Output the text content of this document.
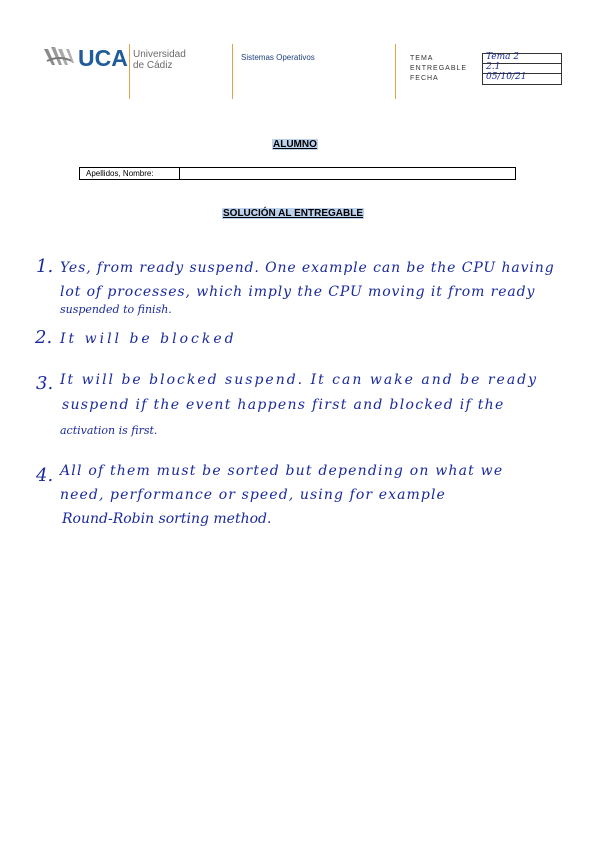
UCA Universidad
de Cádiz
Sistemas Operativos	TEMA
ENTREGABLE
FECHA
Tema 2
2.1
05/10/21
ALUMNO
Apellidos, Nombre:
SOLUCIÓN AL ENTREGABLE
1. Yes, from ready suspend. One example can be the CPU having
lot of processes, which imply the CPU moving it from ready
suspended to finish.
2. It will be blocked
3. It will be blocked suspend. It can wake and be ready
suspend if the event happens first and blocked if the
activation is first.
4. All of them must be sorted but depending on what we
need, performance or speed, using for example
Round-Robin sorting method.
